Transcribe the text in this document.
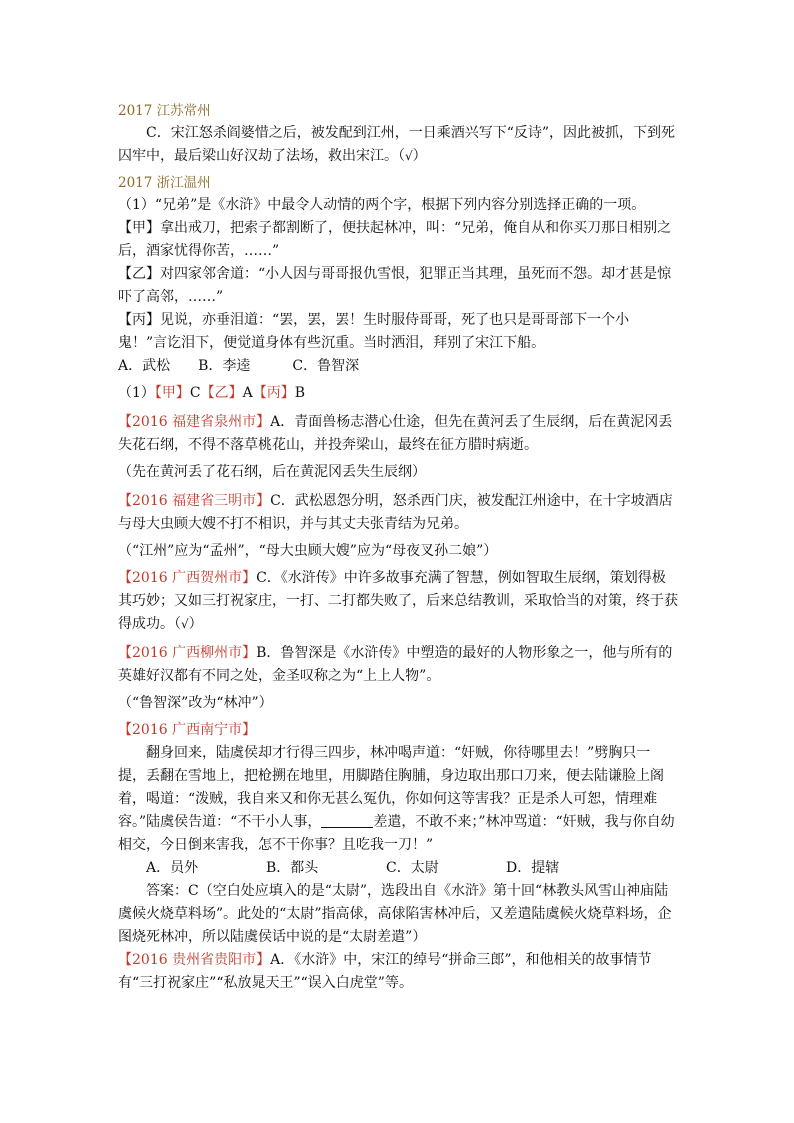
2017 江苏常州

C．宋江怒杀阎婆惜之后，被发配到江州，一日乘酒兴写下“反诗”，因此被抓，下到死囚牢中，最后梁山好汉劫了法场，救出宋江。（√）

2017 浙江温州

（1）“兄弟”是《水浒》中最令人动情的两个字，根据下列内容分别选择正确的一项。

【甲】拿出戒刀，把索子都割断了，便扶起林冲，叫：“兄弟，俺自从和你买刀那日相别之后，酒家忧得你苦，……”

【乙】对四家邻舍道：“小人因与哥哥报仇雪恨，犯罪正当其理，虽死而不怨。却才甚是惊吓了高邻，……”

【丙】见说，亦垂泪道：“罢，罢，罢！生时服侍哥哥，死了也只是哥哥部下一个小鬼！”言讫泪下，便觉道身体有些沉重。当时洒泪，拜别了宋江下船。

A．武松　　B．李逵　　　C．鲁智深

（1）【甲】C【乙】A【丙】B

【2016 福建省泉州市】A．青面兽杨志潜心仕途，但先在黄河丢了生辰纲，后在黄泥冈丢失花石纲，不得不落草桃花山，并投奔梁山，最终在征方腊时病逝。

（先在黄河丢了花石纲，后在黄泥冈丢失生辰纲）

【2016 福建省三明市】C．武松恩怨分明，怒杀西门庆，被发配江州途中，在十字坡酒店与母大虫顾大嫂不打不相识，并与其丈夫张青结为兄弟。

（“江州”应为“孟州”，“母大虫顾大嫂”应为“母夜叉孙二娘”）

【2016 广西贺州市】C．《水浒传》中许多故事充满了智慧，例如智取生辰纲，策划得极其巧妙；又如三打祝家庄，一打、二打都失败了，后来总结教训，采取恰当的对策，终于获得成功。（√）

【2016 广西柳州市】B．鲁智深是《水浒传》中塑造的最好的人物形象之一，他与所有的英雄好汉都有不同之处，金圣叹称之为“上上人物”。

（“鲁智深”改为“林冲”）

【2016 广西南宁市】

翻身回来，陆虞侯却才行得三四步，林冲喝声道：“奸贼，你待哪里去！”劈胸只一提，丢翻在雪地上，把枪搠在地里，用脚踏住胸脯，身边取出那口刀来，便去陆谦脸上阁着，喝道：“泼贼，我自来又和你无甚么冤仇，你如何这等害我？正是杀人可恕，情理难容。”陆虞侯告道：“不干小人事，	差遣，不敢不来；”林冲骂道：“奸贼，我与你自幼相交，今日倒来害我，怎不干你事？且吃我一刀！”

A．员外	B．都头	C．太尉	D．提辖

答案：C（空白处应填入的是“太尉”，选段出自《水浒》第十回“林教头风雪山神庙陆虞候火烧草料场”。此处的“太尉”指高俅，高俅陷害林冲后，又差遣陆虞候火烧草料场，企图烧死林冲，所以陆虞侯话中说的是“太尉差遣”）

【2016 贵州省贵阳市】A．《水浒》中，宋江的绰号“拼命三郎”，和他相关的故事情节有“三打祝家庄”“私放晁天王”“误入白虎堂”等。
